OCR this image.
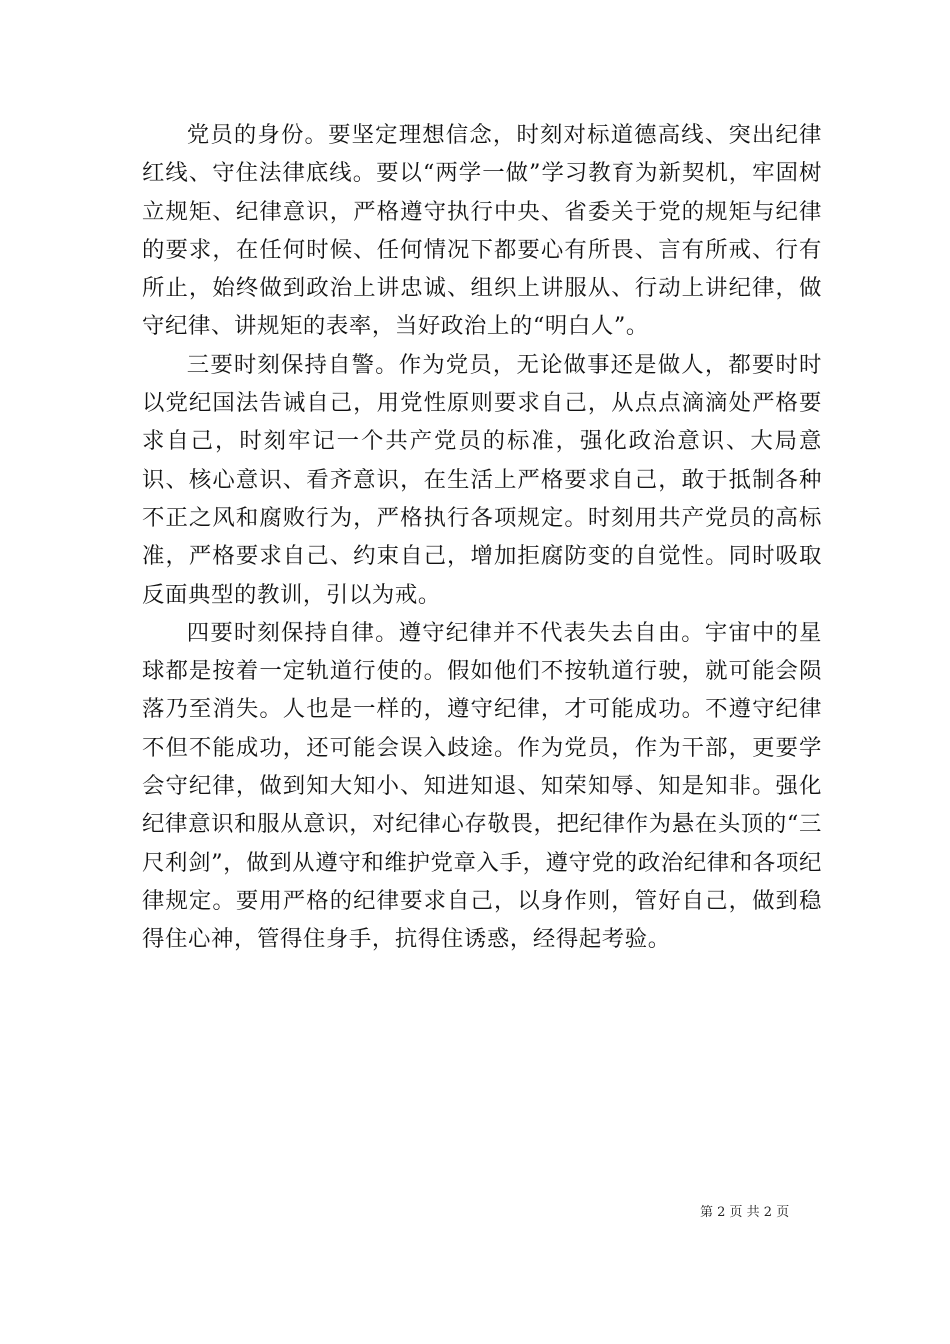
党员的身份。要坚定理想信念，时刻对标道德高线、突出纪律红线、守住法律底线。要以“两学一做”学习教育为新契机，牢固树立规矩、纪律意识，严格遵守执行中央、省委关于党的规矩与纪律的要求，在任何时候、任何情况下都要心有所畏、言有所戒、行有所止，始终做到政治上讲忠诚、组织上讲服从、行动上讲纪律，做守纪律、讲规矩的表率，当好政治上的“明白人”。

三要时刻保持自警。作为党员，无论做事还是做人，都要时时以党纪国法告诫自己，用党性原则要求自己，从点点滴滴处严格要求自己，时刻牢记一个共产党员的标准，强化政治意识、大局意识、核心意识、看齐意识，在生活上严格要求自己，敢于抵制各种不正之风和腐败行为，严格执行各项规定。时刻用共产党员的高标准，严格要求自己、约束自己，增加拒腐防变的自觉性。同时吸取反面典型的教训，引以为戒。

四要时刻保持自律。遵守纪律并不代表失去自由。宇宙中的星球都是按着一定轨道行使的。假如他们不按轨道行驶，就可能会陨落乃至消失。人也是一样的，遵守纪律，才可能成功。不遵守纪律不但不能成功，还可能会误入歧途。作为党员，作为干部，更要学会守纪律，做到知大知小、知进知退、知荣知辱、知是知非。强化纪律意识和服从意识，对纪律心存敬畏，把纪律作为悬在头顶的“三尺利剑”，做到从遵守和维护党章入手，遵守党的政治纪律和各项纪律规定。要用严格的纪律要求自己，以身作则，管好自己，做到稳得住心神，管得住身手，抗得住诱惑，经得起考验。

第 2 页 共 2 页
